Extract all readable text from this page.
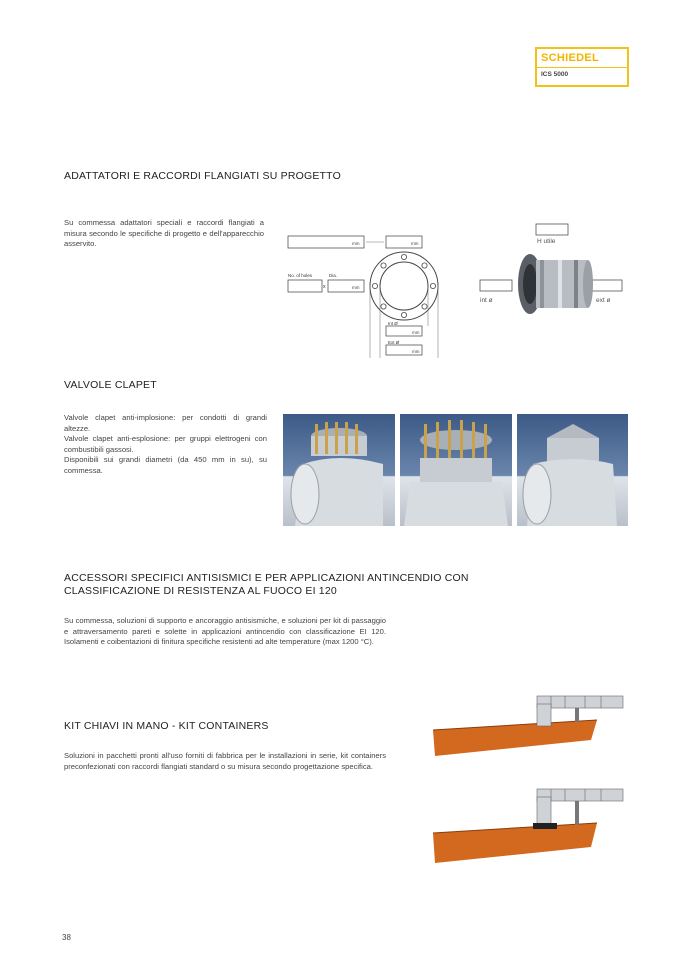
SCHIEDEL
ICS 5000
ADATTATORI E RACCORDI FLANGIATI SU PROGETTO

Su commessa adattatori speciali e raccordi flangiati a misura secondo le specifiche di progetto e dell'apparecchio asservito.	mm	mm
No. of holes
x
Dia.
mm
Int Ø
mm
Ext Ø
mm
H utile
int ø	ext ø
VALVOLE CLAPET

Valvole clapet anti-implosione: per condotti di grandi altezze.
Valvole clapet anti-esplosione: per gruppi elettrogeni con combustibili gassosi.
Disponibili sui grandi diametri (da 450 mm in su), su commessa.

ACCESSORI SPECIFICI ANTISISMICI E PER APPLICAZIONI ANTINCENDIO CON CLASSIFICAZIONE DI RESISTENZA AL FUOCO EI 120

Su commessa, soluzioni di supporto e ancoraggio antisismiche, e soluzioni per kit di passaggio e attraversamento pareti e solette in applicazioni antincendio con classificazione EI 120. Isolamenti e coibentazioni di finitura specifiche resistenti ad alte temperature (max 1200 °C).

KIT CHIAVI IN MANO - KIT CONTAINERS

Soluzioni in pacchetti pronti all'uso forniti di fabbrica per le installazioni in serie, kit containers preconfezionati con raccordi flangiati standard o su misura secondo progettazione specifica.

38
